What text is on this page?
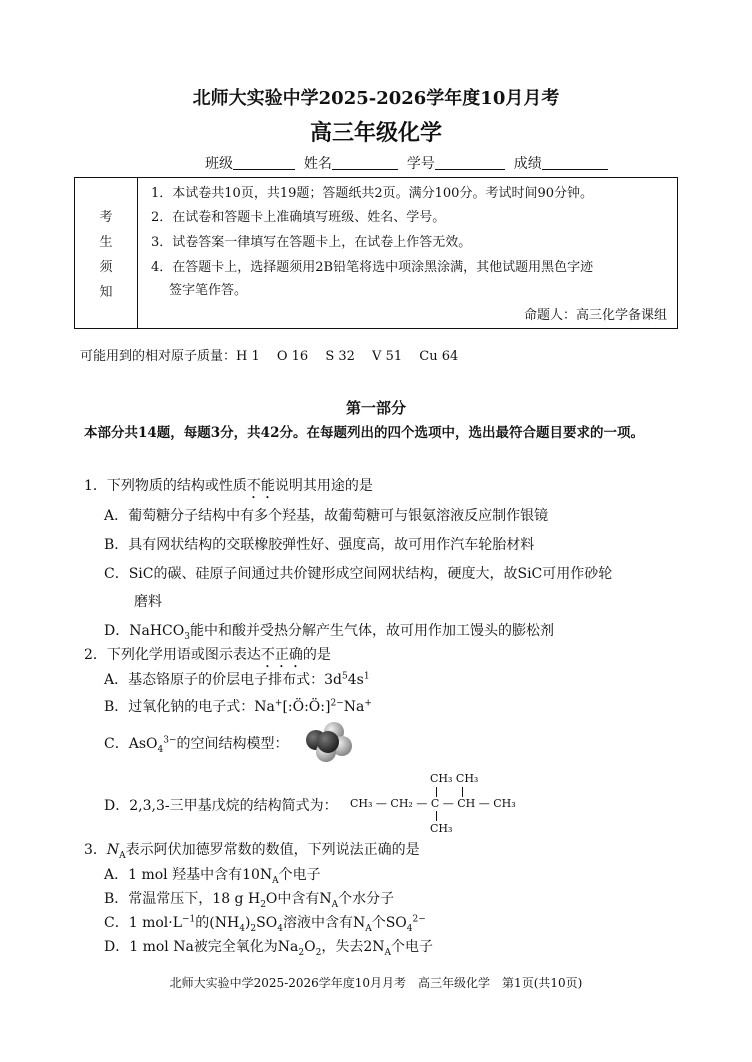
北师大实验中学2025-2026学年度10月月考
高三年级化学
班级	姓名	学号	成绩
考
生
须
知
1．本试卷共10页，共19题；答题纸共2页。满分100分。考试时间90分钟。
2．在试卷和答题卡上准确填写班级、姓名、学号。
3．试卷答案一律填写在答题卡上，在试卷上作答无效。
4．在答题卡上，选择题须用2B铅笔将选中项涂黑涂满，其他试题用黑色字迹
签字笔作答。
命题人：高三化学备课组
可能用到的相对原子质量：H 1　 O 16　 S 32　 V 51　 Cu 64
第一部分
本部分共14题，每题3分，共42分。在每题列出的四个选项中，选出最符合题目要求的一项。
1．下列物质的结构或性质不能说明其用途的是
A．葡萄糖分子结构中有多个羟基，故葡萄糖可与银氨溶液反应制作银镜
B．具有网状结构的交联橡胶弹性好、强度高，故可用作汽车轮胎材料
C．SiC的碳、硅原子间通过共价键形成空间网状结构，硬度大，故SiC可用作砂轮
磨料
D．NaHCO$_3$能中和酸并受热分解产生气体，故可用作加工馒头的膨松剂
2．下列化学用语或图示表达不正确的是
A．基态铬原子的价层电子排布式：$3d^54s^1$
B．过氧化钠的电子式：Na+[:Ö:Ö:]$^{2-}$Na+
C．AsO$_4^{3-}$的空间结构模型：
D．2,3,3-三甲基戊烷的结构简式为：
CH₃ CH₃
CH₃ — CH₂ — C — CH — CH₃
CH₃
3．$N_A$表示阿伏加德罗常数的数值，下列说法正确的是
A．1 mol 羟基中含有$10N_A$个电子
B．常温常压下，18 g $H_2O$中含有$N_A$个水分子
C．1 $mol\cdot L^{-1}$的$(NH_4)_2SO_4$溶液中含有$N_A$个$SO_4^{2-}$
D．1 mol Na被完全氧化为$Na_2O_2$，失去$2N_A$个电子
北师大实验中学2025-2026学年度10月月考　高三年级化学　第1页(共10页)
